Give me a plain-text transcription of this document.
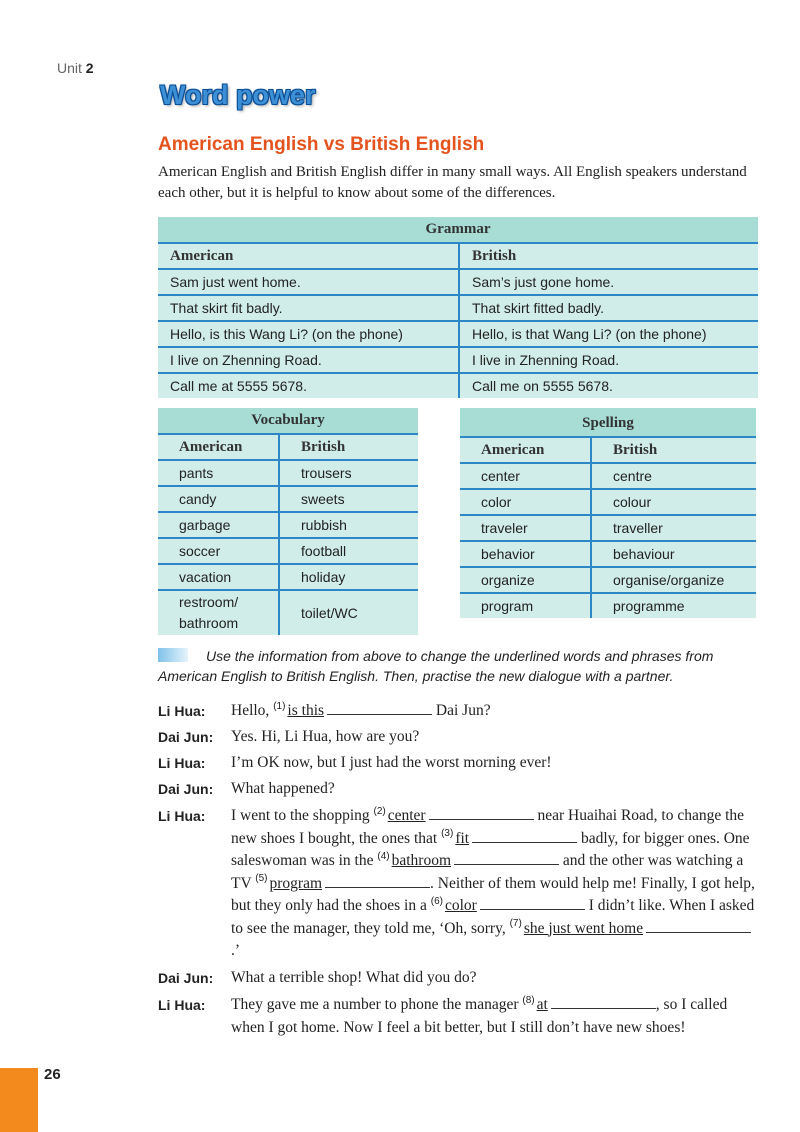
Unit 2
Word power
American English vs British English
American English and British English differ in many small ways. All English speakers understand each other, but it is helpful to know about some of the differences.
Grammar	
American	British
Sam just went home.	Sam’s just gone home.
That skirt fit badly.	That skirt fitted badly.
Hello, is this Wang Li? (on the phone)	Hello, is that Wang Li? (on the phone)
I live on Zhenning Road.	I live in Zhenning Road.
Call me at 5555 5678.	Call me on 5555 5678.
Vocabulary	
American	British
pants	trousers
candy	sweets
garbage	rubbish
soccer	football
vacation	holiday
restroom/
bathroom	toilet/WC
Spelling	
American	British
center	centre
color	colour
traveler	traveller
behavior	behaviour
organize	organise/organize
program	programme
Use the information from above to change the underlined words and phrases from American English to British English. Then, practise the new dialogue with a partner.
Li Hua: Hello, $^{(1)}$ is this	Dai Jun?
Dai Jun: Yes. Hi, Li Hua, how are you?
Li Hua: I’m OK now, but I just had the worst morning ever!
Dai Jun: What happened?
Li Hua: I went to the shopping $^{(2)}$ center	near Huaihai Road, to change the new shoes I bought, the ones that $^{(3)}$ fit	badly, for bigger ones. One saleswoman was in the $^{(4)}$ bathroom	and the other was watching a TV $^{(5)}$ program	. Neither of them would help me! Finally, I got help, but they only had the shoes in a $^{(6)}$ color	I didn’t like. When I asked to see the manager, they told me, ‘Oh, sorry, $^{(7)}$ she just went home.’
Dai Jun: What a terrible shop! What did you do?
Li Hua: They gave me a number to phone the manager $^{(8)}$ at	, so I called when I got home. Now I feel a bit better, but I still don’t have new shoes!
26
